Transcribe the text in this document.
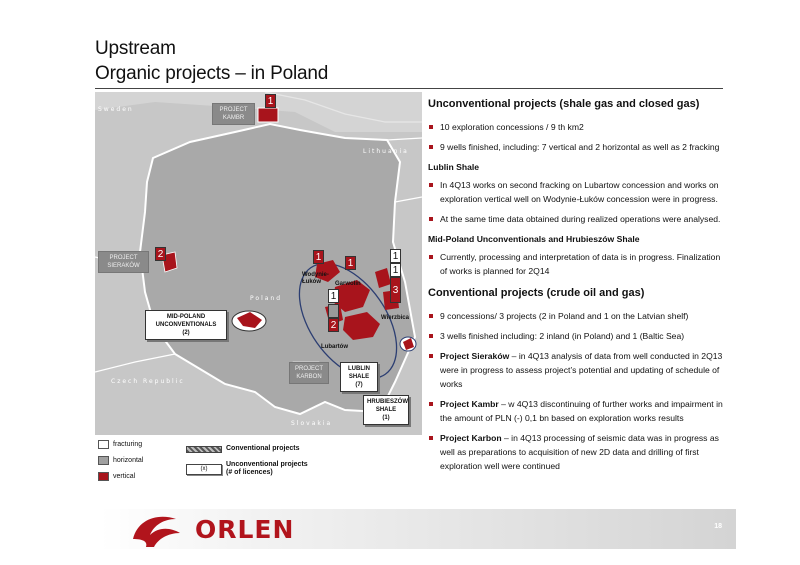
Upstream
Organic projects – in Poland
Sweden
Lithuania
Poland
Czech Republic
Slovakia
PROJECT
KAMBR
1
PROJECT
SIERAKÓW
2
MID-POLAND
UNCONVENTIONALS
(2)
PROJECT
KARBON
LUBLIN
SHALE
(7)
HRUBIESZÓW
SHALE
(1)
Wodynie-
Łuków	Garwolin
Wierzbica
Lubartów
1
1
1
2
1
1
3
fracturing
horizontal
vertical
Conventional projects
(x)
Unconventional projects
(# of licences)
Unconventional projects (shale gas and closed gas)
10 exploration concessions / 9 th km2
9 wells finished, including: 7 vertical and 2 horizontal as well as 2 fracking
Lublin Shale
In 4Q13 works on second fracking on Lubartow concession and works on exploration vertical well on Wodynie-Łuków concession were in progress.
At the same time data obtained during realized operations were analysed.
Mid-Poland Unconventionals and Hrubieszów Shale
Currently, processing and interpretation of data is in progress. Finalization of works is planned for 2Q14
Conventional projects (crude oil and gas)
9 concessions/ 3 projects (2 in Poland and 1 on the Latvian shelf)
3 wells finished including: 2 inland (in Poland) and 1 (Baltic Sea)
Project Sieraków – in 4Q13 analysis of data from well conducted in 2Q13 were in progress to assess project’s potential and updating of schedule of works
Project Kambr – w 4Q13 discontinuing of further works and impairment in the amount of PLN (-) 0,1 bn based on exploration works results
Project Karbon – in 4Q13 processing of seismic data was in progress as well as preparations to acquisition of new 2D data and drilling of first exploration well were continued
ORLEN	18
